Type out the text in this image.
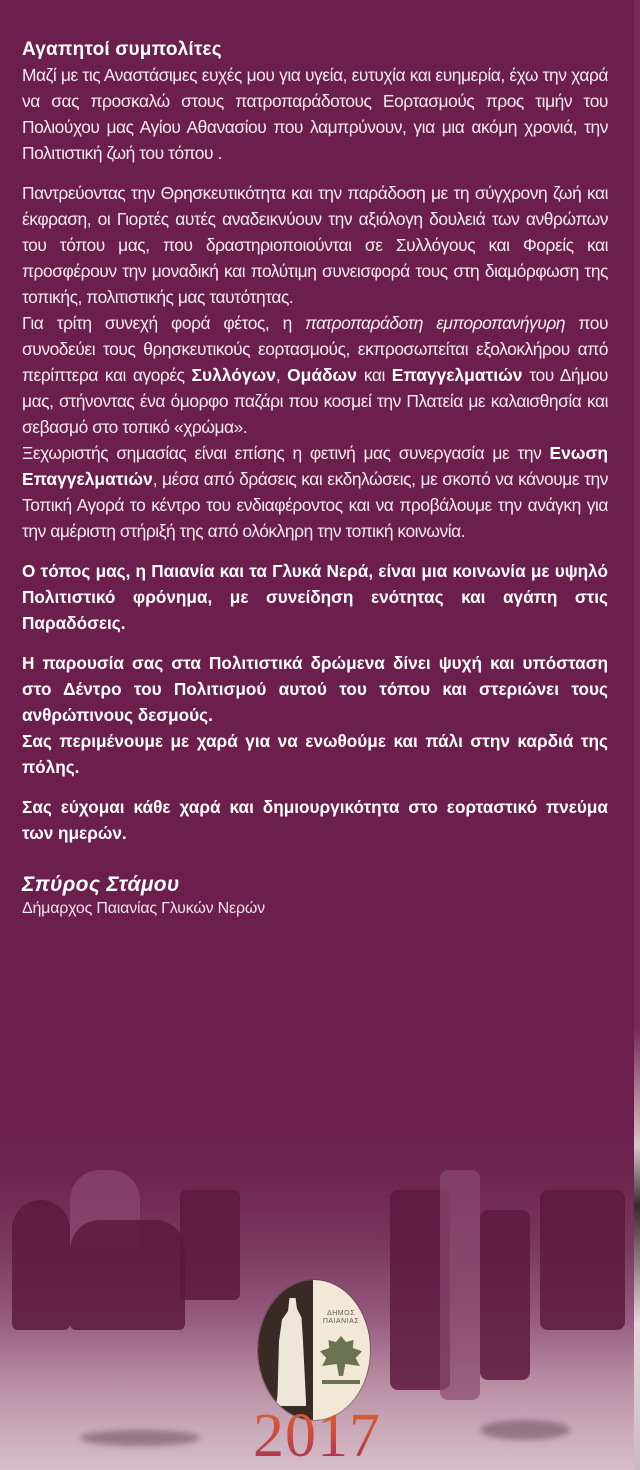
Αγαπητοί συμπολίτες

Μαζί με τις Αναστάσιμες ευχές μου για υγεία, ευτυχία και ευημερία, έχω την χαρά να σας προσκαλώ στους πατροπαράδοτους Εορτασμούς προς τιμήν του Πολιούχου μας Αγίου Αθανασίου που λαμπρύνουν, για μια ακόμη χρονιά, την Πολιτιστική ζωή του τόπου .

Παντρεύοντας την Θρησκευτικότητα και την παράδοση με τη σύγχρονη ζωή και έκφραση, οι Γιορτές αυτές αναδεικνύουν την αξιόλογη δουλειά των ανθρώπων του τόπου μας, που δραστηριοποιούνται σε Συλλόγους και Φορείς και προσφέρουν την μοναδική και πολύτιμη συνεισφορά τους στη διαμόρφωση της τοπικής, πολιτιστικής μας ταυτότητας.

Για τρίτη συνεχή φορά φέτος, η πατροπαράδοτη εμποροπανήγυρη που συνοδεύει τους θρησκευτικούς εορτασμούς, εκπροσωπείται εξολοκλήρου από περίπτερα και αγορές Συλλόγων, Ομάδων και Επαγγελματιών του Δήμου μας, στήνοντας ένα όμορφο παζάρι που κοσμεί την Πλατεία με καλαισθησία και σεβασμό στο τοπικό «χρώμα».

Ξεχωριστής σημασίας είναι επίσης η φετινή μας συνεργασία με την Ενωση Επαγγελματιών, μέσα από δράσεις και εκδηλώσεις, με σκοπό να κάνουμε την Τοπική Αγορά το κέντρο του ενδιαφέροντος και να προβάλουμε την ανάγκη για την αμέριστη στήριξή της από ολόκληρη την τοπική κοινωνία.

Ο τόπος μας, η Παιανία και τα Γλυκά Νερά, είναι μια κοινωνία με υψηλό Πολιτιστικό φρόνημα, με συνείδηση ενότητας και αγάπη στις Παραδόσεις.

Η παρουσία σας στα Πολιτιστικά δρώμενα δίνει ψυχή και υπόσταση στο Δέντρο του Πολιτισμού αυτού του τόπου και στεριώνει τους ανθρώπινους δεσμούς.

Σας περιμένουμε με χαρά για να ενωθούμε και πάλι στην καρδιά της πόλης.

Σας εύχομαι κάθε χαρά και δημιουργικότητα στο εορταστικό πνεύμα των ημερών.

Σπύρος Στάμου
Δήμαρχος Παιανίας Γλυκών Νερών
ΔΗΜΟΣ
ΠΑΙΑΝΙΑΣ
2017
